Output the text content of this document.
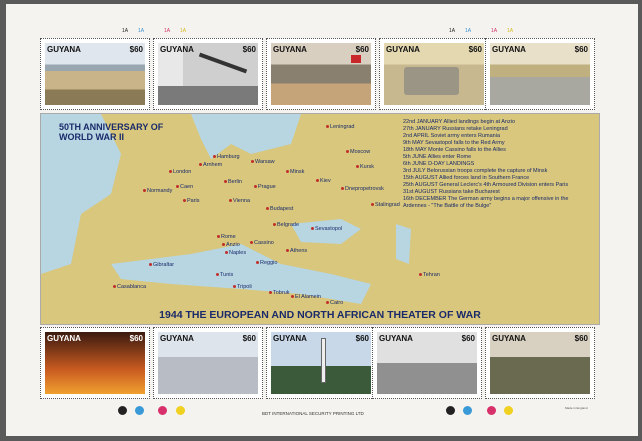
1A 1A	1A 1A	1A 1A	1A 1A
GUYANA	$60 GUYANA	$60 GUYANA	$60 GUYANA	$60 GUYANA	$60
50TH ANNIVERSARY OF WORLD WAR II
22nd JANUARY Allied landings begin at Anzio
27th JANUARY Russians retake Leningrad
2nd APRIL Soviet army enters Rumania
9th MAY Sevastopol falls to the Red Army
18th MAY Monte Cassino falls to the Allies
5th JUNE Allies enter Rome
6th JUNE D-DAY LANDINGS
3rd JULY Belorussian troops complete the capture of Minsk
15th AUGUST Allied forces land in Southern France
25th AUGUST General Leclerc's 4th Armoured Division enters Paris
31st AUGUST Russians take Bucharest
16th DECEMBER The German army begins a major offensive in the Ardennes - "The Battle of the Bulge"
Leningrad
Moscow
Kursk
Kiev
Dnepropetrovsk
Stalingrad
Minsk
Warsaw
Hamburg
Arnhem
London
Normandy
Caen
Paris
Berlin
Prague
Vienna
Budapest
Belgrade
Sevastopol
Rome
Anzio
Naples
Cassino
Reggio
Athens
Gibraltar
Casablanca
Tunis
Tripoli
Tobruk
El Alamein
Cairo
Tehran
1944 THE EUROPEAN AND NORTH AFRICAN THEATER OF WAR
GUYANA	$60 GUYANA	$60 GUYANA	$60 GUYANA	$60 GUYANA	$60
BDT INTERNATIONAL SECURITY PRINTING LTD
Made in England
